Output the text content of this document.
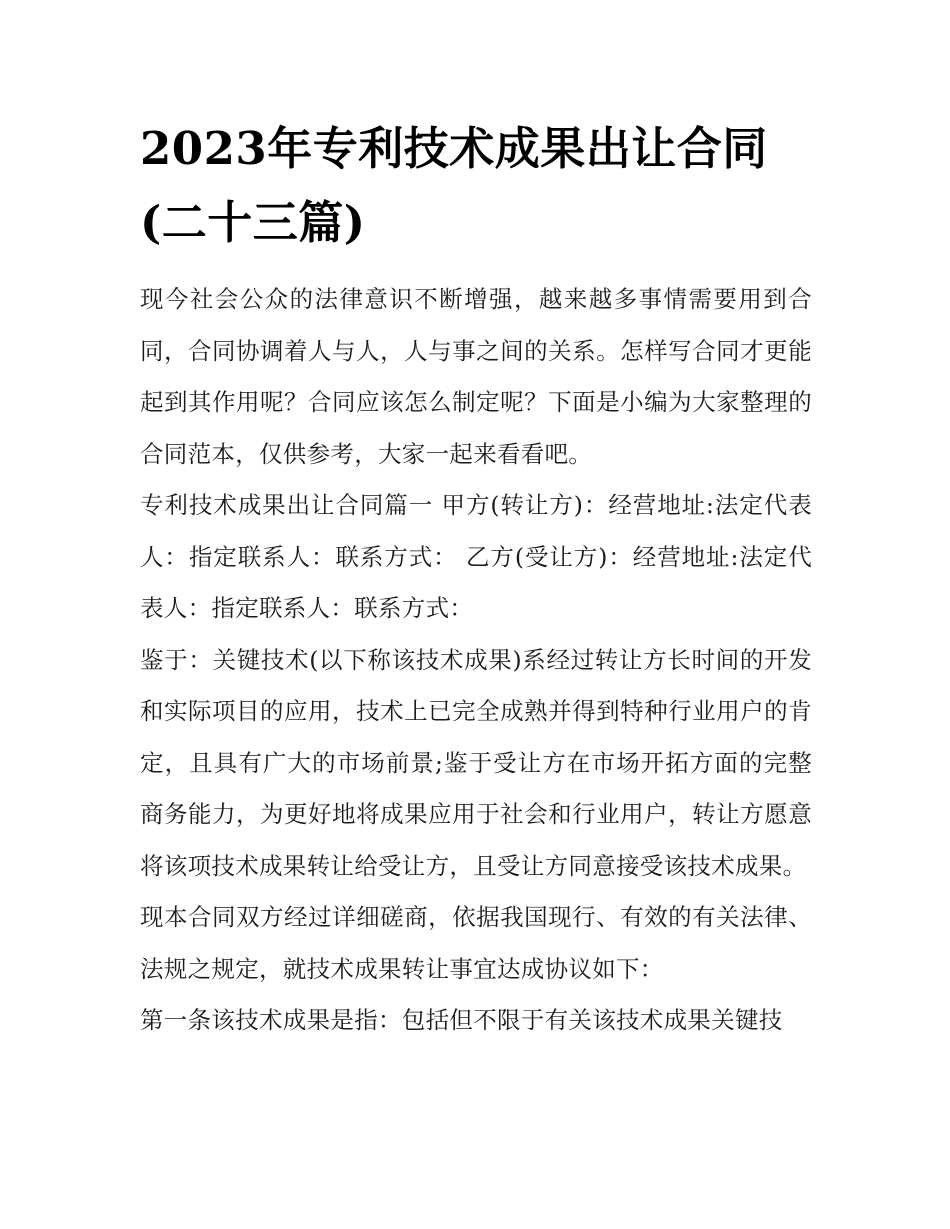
2023年专利技术成果出让合同
(二十三篇)

现今社会公众的法律意识不断增强，越来越多事情需要用到合同，合同协调着人与人，人与事之间的关系。怎样写合同才更能起到其作用呢？合同应该怎么制定呢？下面是小编为大家整理的合同范本，仅供参考，大家一起来看看吧。

专利技术成果出让合同篇一 甲方(转让方)：经营地址:法定代表人：指定联系人：联系方式： 乙方(受让方)：经营地址:法定代表人：指定联系人：联系方式：

鉴于：关键技术(以下称该技术成果)系经过转让方长时间的开发和实际项目的应用，技术上已完全成熟并得到特种行业用户的肯定，且具有广大的市场前景;鉴于受让方在市场开拓方面的完整商务能力，为更好地将成果应用于社会和行业用户，转让方愿意将该项技术成果转让给受让方，且受让方同意接受该技术成果。

现本合同双方经过详细磋商，依据我国现行、有效的有关法律、法规之规定，就技术成果转让事宜达成协议如下：

第一条该技术成果是指：包括但不限于有关该技术成果关键技
